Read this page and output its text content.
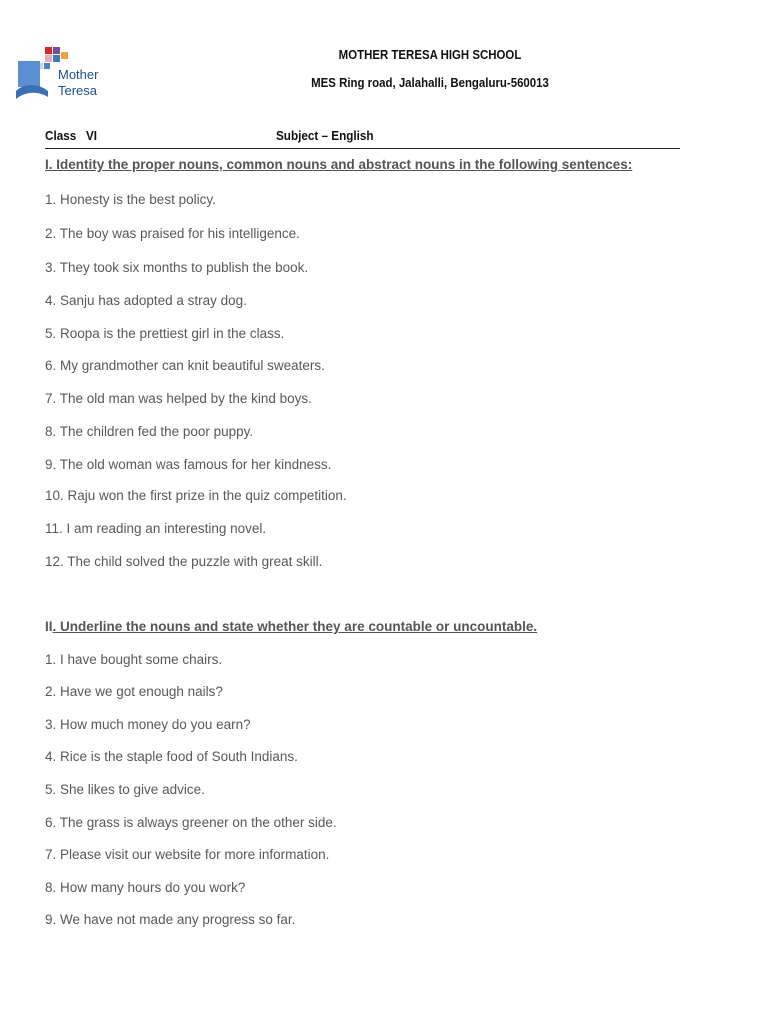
Mother
Teresa
MOTHER TERESA HIGH SCHOOL
MES Ring road, Jalahalli, Bengaluru-560013
Class   VI	Subject – English
I. Identity the proper nouns, common nouns and abstract nouns in the following sentences:
1. Honesty is the best policy.
2. The boy was praised for his intelligence.
3. They took six months to publish the book.
4. Sanju has adopted a stray dog.
5. Roopa is the prettiest girl in the class.
6. My grandmother can knit beautiful sweaters.
7. The old man was helped by the kind boys.
8. The children fed the poor puppy.
9. The old woman was famous for her kindness.
10. Raju won the first prize in the quiz competition.
11. I am reading an interesting novel.
12. The child solved the puzzle with great skill.
II. Underline the nouns and state whether they are countable or uncountable.
1. I have bought some chairs.
2. Have we got enough nails?
3. How much money do you earn?
4. Rice is the staple food of South Indians.
5. She likes to give advice.
6. The grass is always greener on the other side.
7. Please visit our website for more information.
8. How many hours do you work?
9. We have not made any progress so far.
